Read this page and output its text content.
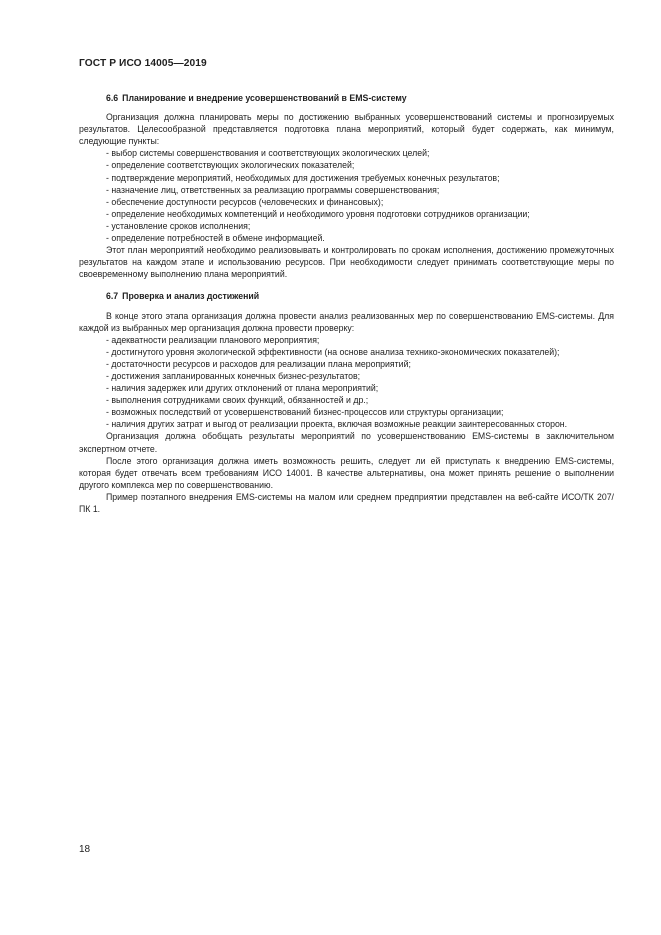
ГОСТ Р ИСО 14005—2019
6.6 Планирование и внедрение усовершенствований в EMS-систему
Организация должна планировать меры по достижению выбранных усовершенствований системы и прогнозируемых результатов. Целесообразной представляется подготовка плана мероприятий, который будет содержать, как минимум, следующие пункты:
- выбор системы совершенствования и соответствующих экологических целей;
- определение соответствующих экологических показателей;
- подтверждение мероприятий, необходимых для достижения требуемых конечных результатов;
- назначение лиц, ответственных за реализацию программы совершенствования;
- обеспечение доступности ресурсов (человеческих и финансовых);
- определение необходимых компетенций и необходимого уровня подготовки сотрудников организации;
- установление сроков исполнения;
- определение потребностей в обмене информацией.
Этот план мероприятий необходимо реализовывать и контролировать по срокам исполнения, достижению промежуточных результатов на каждом этапе и использованию ресурсов. При необходимости следует принимать соответствующие меры по своевременному выполнению плана мероприятий.
6.7 Проверка и анализ достижений
В конце этого этапа организация должна провести анализ реализованных мер по совершенствованию EMS-системы. Для каждой из выбранных мер организация должна провести проверку:
- адекватности реализации планового мероприятия;
- достигнутого уровня экологической эффективности (на основе анализа технико-экономических показателей);
- достаточности ресурсов и расходов для реализации плана мероприятий;
- достижения запланированных конечных бизнес-результатов;
- наличия задержек или других отклонений от плана мероприятий;
- выполнения сотрудниками своих функций, обязанностей и др.;
- возможных последствий от усовершенствований бизнес-процессов или структуры организации;
- наличия других затрат и выгод от реализации проекта, включая возможные реакции заинтересованных сторон.
Организация должна обобщать результаты мероприятий по усовершенствованию EMS-системы в заключительном экспертном отчете.
После этого организация должна иметь возможность решить, следует ли ей приступать к внедрению EMS-системы, которая будет отвечать всем требованиям ИСО 14001. В качестве альтернативы, она может принять решение о выполнении другого комплекса мер по совершенствованию.
Пример поэтапного внедрения EMS-системы на малом или среднем предприятии представлен на веб-сайте ИСО/ТК 207/ПК 1.
18
